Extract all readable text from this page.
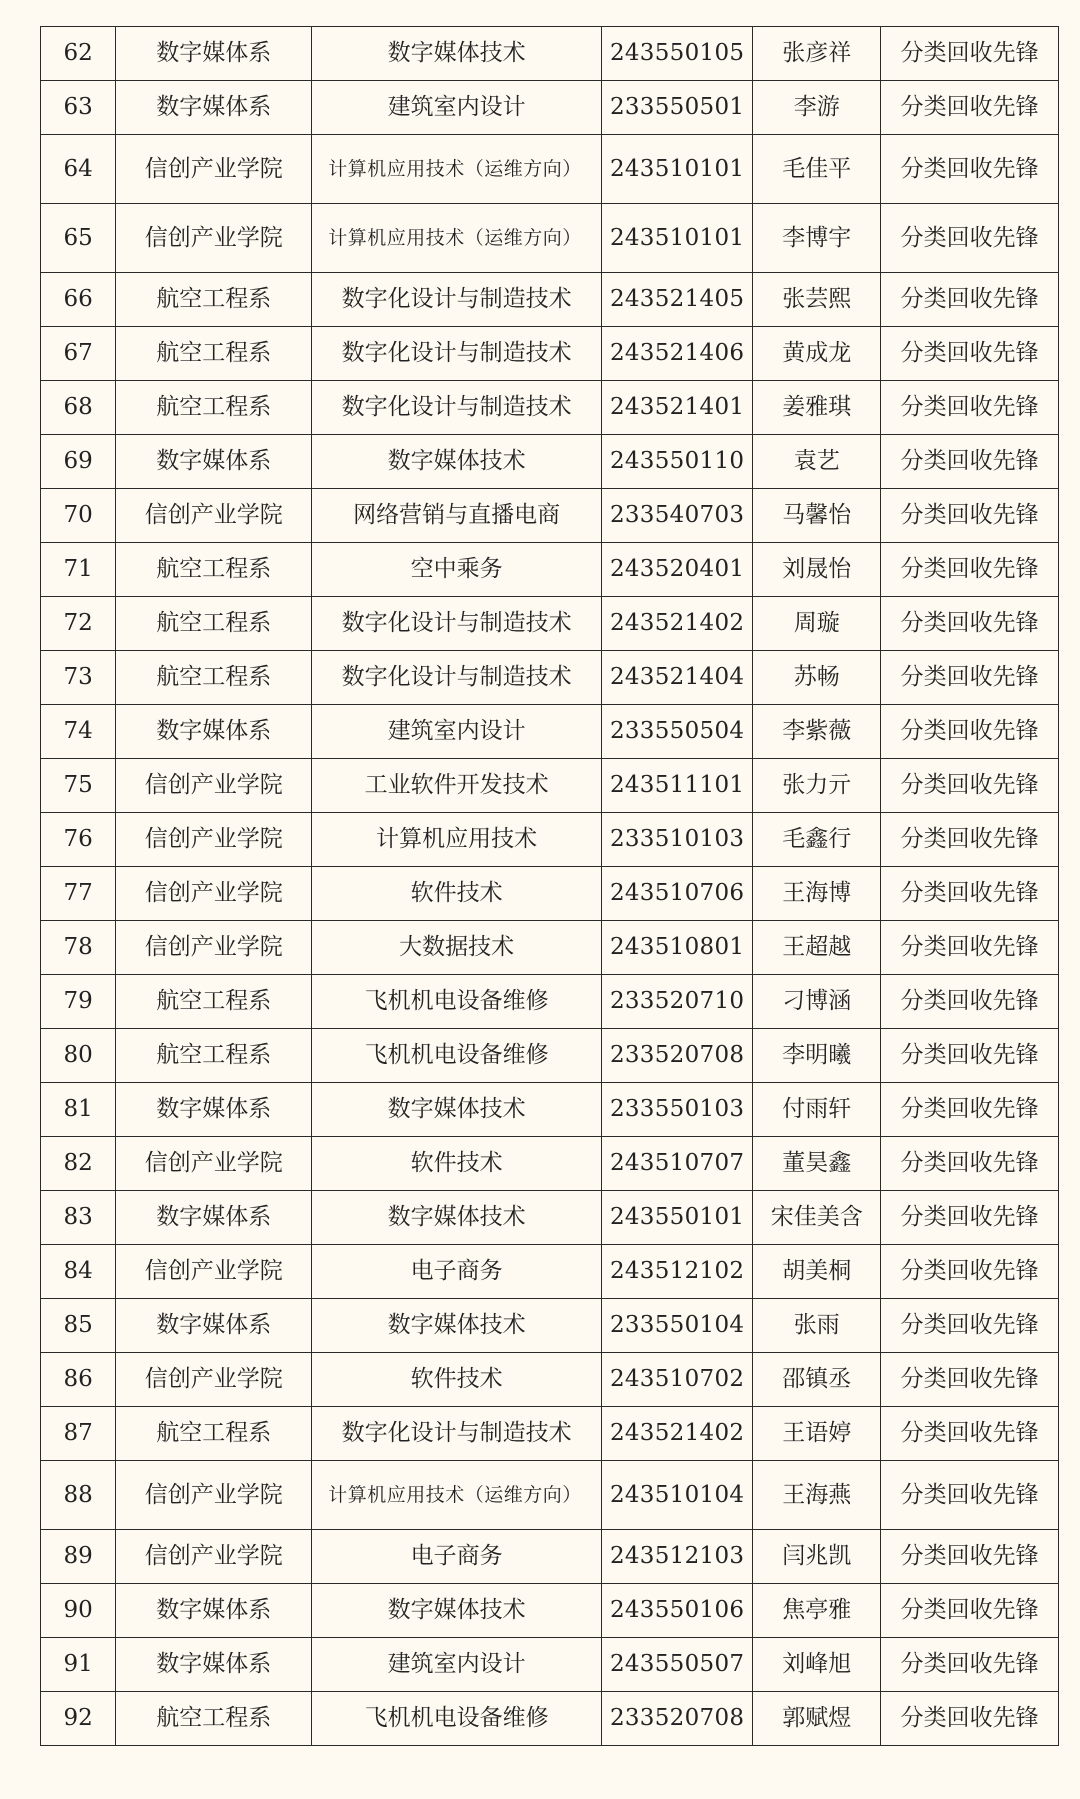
62	数字媒体系	数字媒体技术	243550105	张彦祥	分类回收先锋
63	数字媒体系	建筑室内设计	233550501	李游	分类回收先锋
64	信创产业学院	计算机应用技术（运维方向）	243510101	毛佳平	分类回收先锋
65	信创产业学院	计算机应用技术（运维方向）	243510101	李博宇	分类回收先锋
66	航空工程系	数字化设计与制造技术	243521405	张芸熙	分类回收先锋
67	航空工程系	数字化设计与制造技术	243521406	黄成龙	分类回收先锋
68	航空工程系	数字化设计与制造技术	243521401	姜雅琪	分类回收先锋
69	数字媒体系	数字媒体技术	243550110	袁艺	分类回收先锋
70	信创产业学院	网络营销与直播电商	233540703	马馨怡	分类回收先锋
71	航空工程系	空中乘务	243520401	刘晟怡	分类回收先锋
72	航空工程系	数字化设计与制造技术	243521402	周璇	分类回收先锋
73	航空工程系	数字化设计与制造技术	243521404	苏畅	分类回收先锋
74	数字媒体系	建筑室内设计	233550504	李紫薇	分类回收先锋
75	信创产业学院	工业软件开发技术	243511101	张力亓	分类回收先锋
76	信创产业学院	计算机应用技术	233510103	毛鑫行	分类回收先锋
77	信创产业学院	软件技术	243510706	王海博	分类回收先锋
78	信创产业学院	大数据技术	243510801	王超越	分类回收先锋
79	航空工程系	飞机机电设备维修	233520710	刁博涵	分类回收先锋
80	航空工程系	飞机机电设备维修	233520708	李明曦	分类回收先锋
81	数字媒体系	数字媒体技术	233550103	付雨轩	分类回收先锋
82	信创产业学院	软件技术	243510707	董昊鑫	分类回收先锋
83	数字媒体系	数字媒体技术	243550101	宋佳美含	分类回收先锋
84	信创产业学院	电子商务	243512102	胡美桐	分类回收先锋
85	数字媒体系	数字媒体技术	233550104	张雨	分类回收先锋
86	信创产业学院	软件技术	243510702	邵镇丞	分类回收先锋
87	航空工程系	数字化设计与制造技术	243521402	王语婷	分类回收先锋
88	信创产业学院	计算机应用技术（运维方向）	243510104	王海燕	分类回收先锋
89	信创产业学院	电子商务	243512103	闫兆凯	分类回收先锋
90	数字媒体系	数字媒体技术	243550106	焦亭雅	分类回收先锋
91	数字媒体系	建筑室内设计	243550507	刘峰旭	分类回收先锋
92	航空工程系	飞机机电设备维修	233520708	郭赋煜	分类回收先锋
